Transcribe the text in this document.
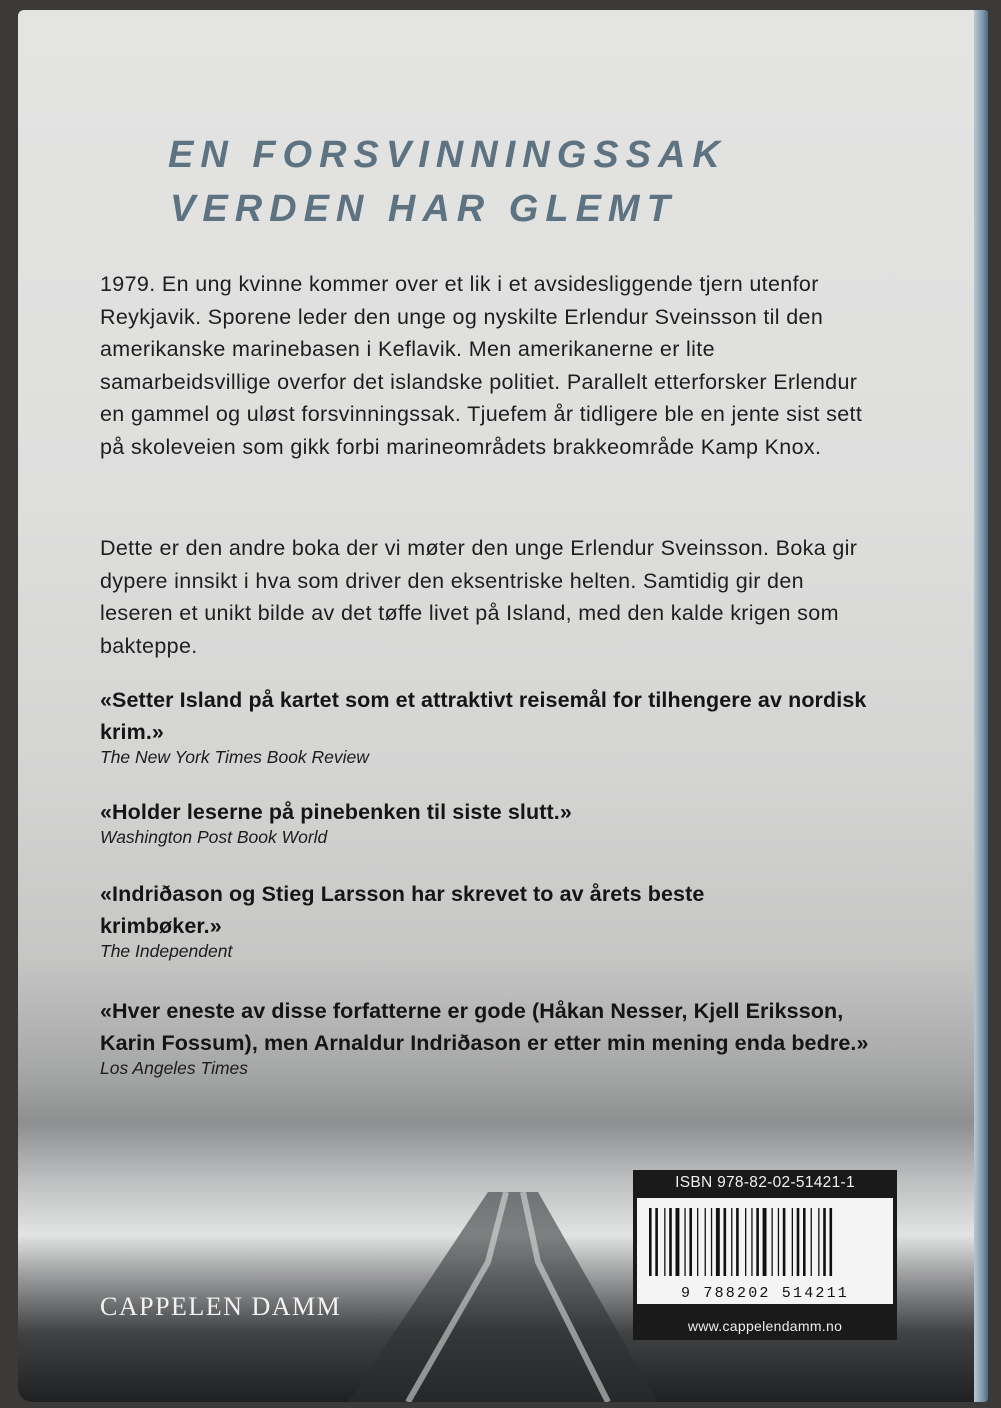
EN FORSVINNINGSSAK
VERDEN HAR GLEMT
1979. En ung kvinne kommer over et lik i et avsidesliggende tjern utenfor Reykjavik. Sporene leder den unge og nyskilte Erlendur Sveinsson til den amerikanske marinebasen i Keflavik. Men amerikanerne er lite samarbeidsvillige overfor det islandske politiet. Parallelt etterforsker Erlendur en gammel og uløst forsvinningssak. Tjuefem år tidligere ble en jente sist sett på skoleveien som gikk forbi marineområdets brakkeområde Kamp Knox.
Dette er den andre boka der vi møter den unge Erlendur Sveinsson. Boka gir dypere innsikt i hva som driver den eksentriske helten. Samtidig gir den leseren et unikt bilde av det tøffe livet på Island, med den kalde krigen som bakteppe.
«Setter Island på kartet som et attraktivt reisemål for tilhengere av nordisk krim.»
The New York Times Book Review
«Holder leserne på pinebenken til siste slutt.»
Washington Post Book World
«Indriðason og Stieg Larsson har skrevet to av årets beste krimbøker.»
The Independent
«Hver eneste av disse forfatterne er gode (Håkan Nesser, Kjell Eriksson, Karin Fossum), men Arnaldur Indriðason er etter min mening enda bedre.»
Los Angeles Times
CAPPELEN DAMM
ISBN 978-82-02-51421-1
9 788202 514211
www.cappelendamm.no
